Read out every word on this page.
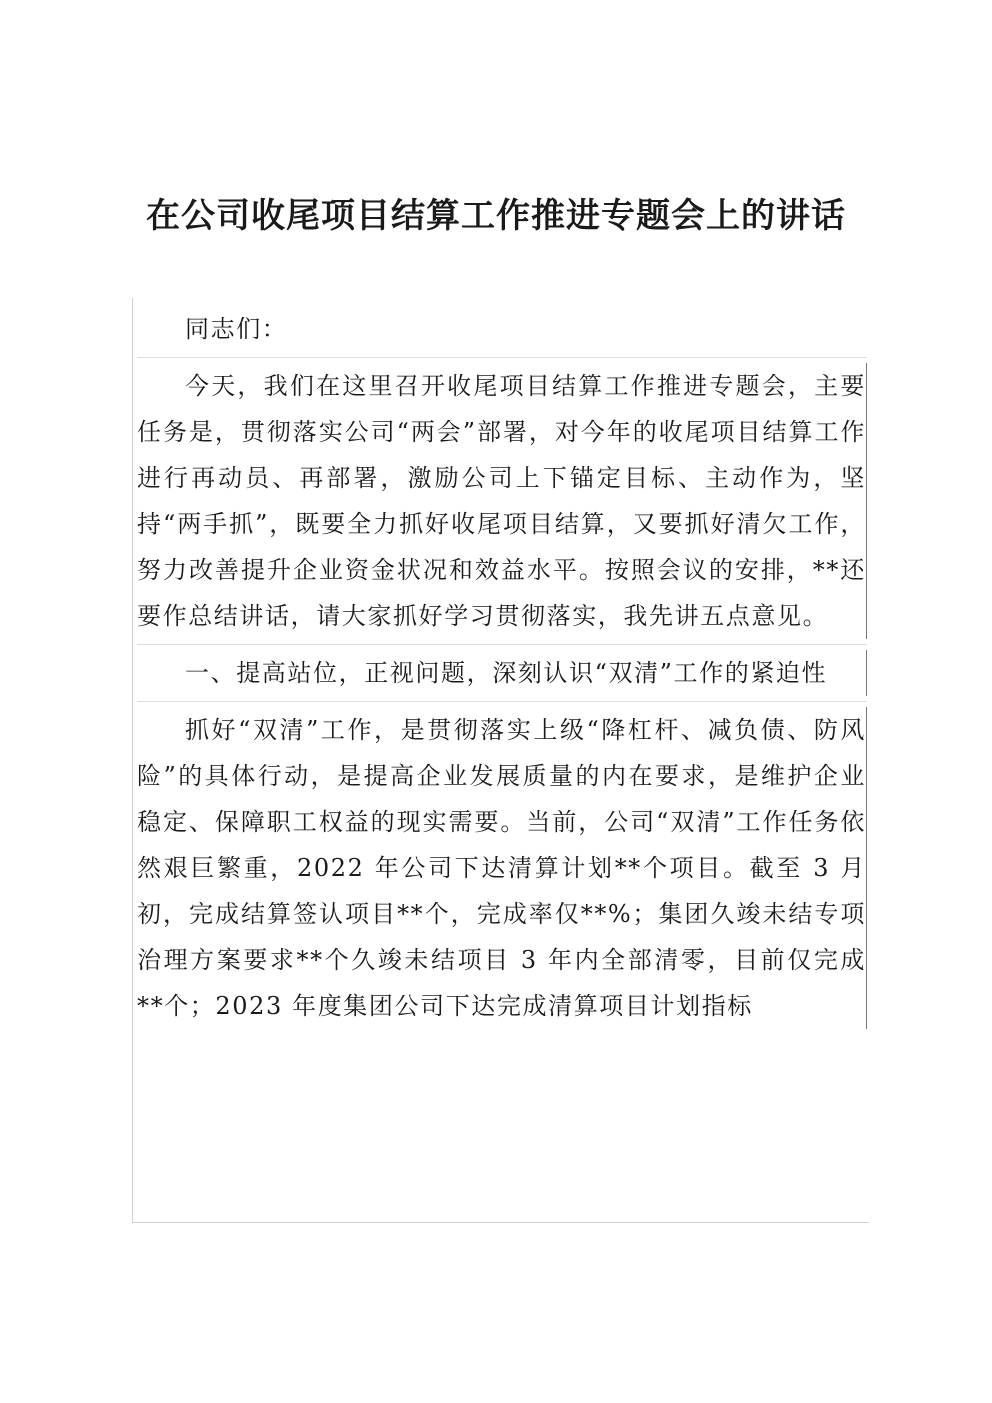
在公司收尾项目结算工作推进专题会上的讲话

同志们：

今天，我们在这里召开收尾项目结算工作推进专题会，主要任务是，贯彻落实公司“两会”部署，对今年的收尾项目结算工作进行再动员、再部署，激励公司上下锚定目标、主动作为，坚持“两手抓”，既要全力抓好收尾项目结算，又要抓好清欠工作，努力改善提升企业资金状况和效益水平。按照会议的安排，**还要作总结讲话，请大家抓好学习贯彻落实，我先讲五点意见。

一、提高站位，正视问题，深刻认识“双清”工作的紧迫性

抓好“双清”工作，是贯彻落实上级“降杠杆、减负债、防风险”的具体行动，是提高企业发展质量的内在要求，是维护企业稳定、保障职工权益的现实需要。当前，公司“双清”工作任务依然艰巨繁重，2022 年公司下达清算计划**个项目。截至 3 月初，完成结算签认项目**个，完成率仅**%；集团久竣未结专项治理方案要求**个久竣未结项目 3 年内全部清零，目前仅完成**个；2023 年度集团公司下达完成清算项目计划指标
